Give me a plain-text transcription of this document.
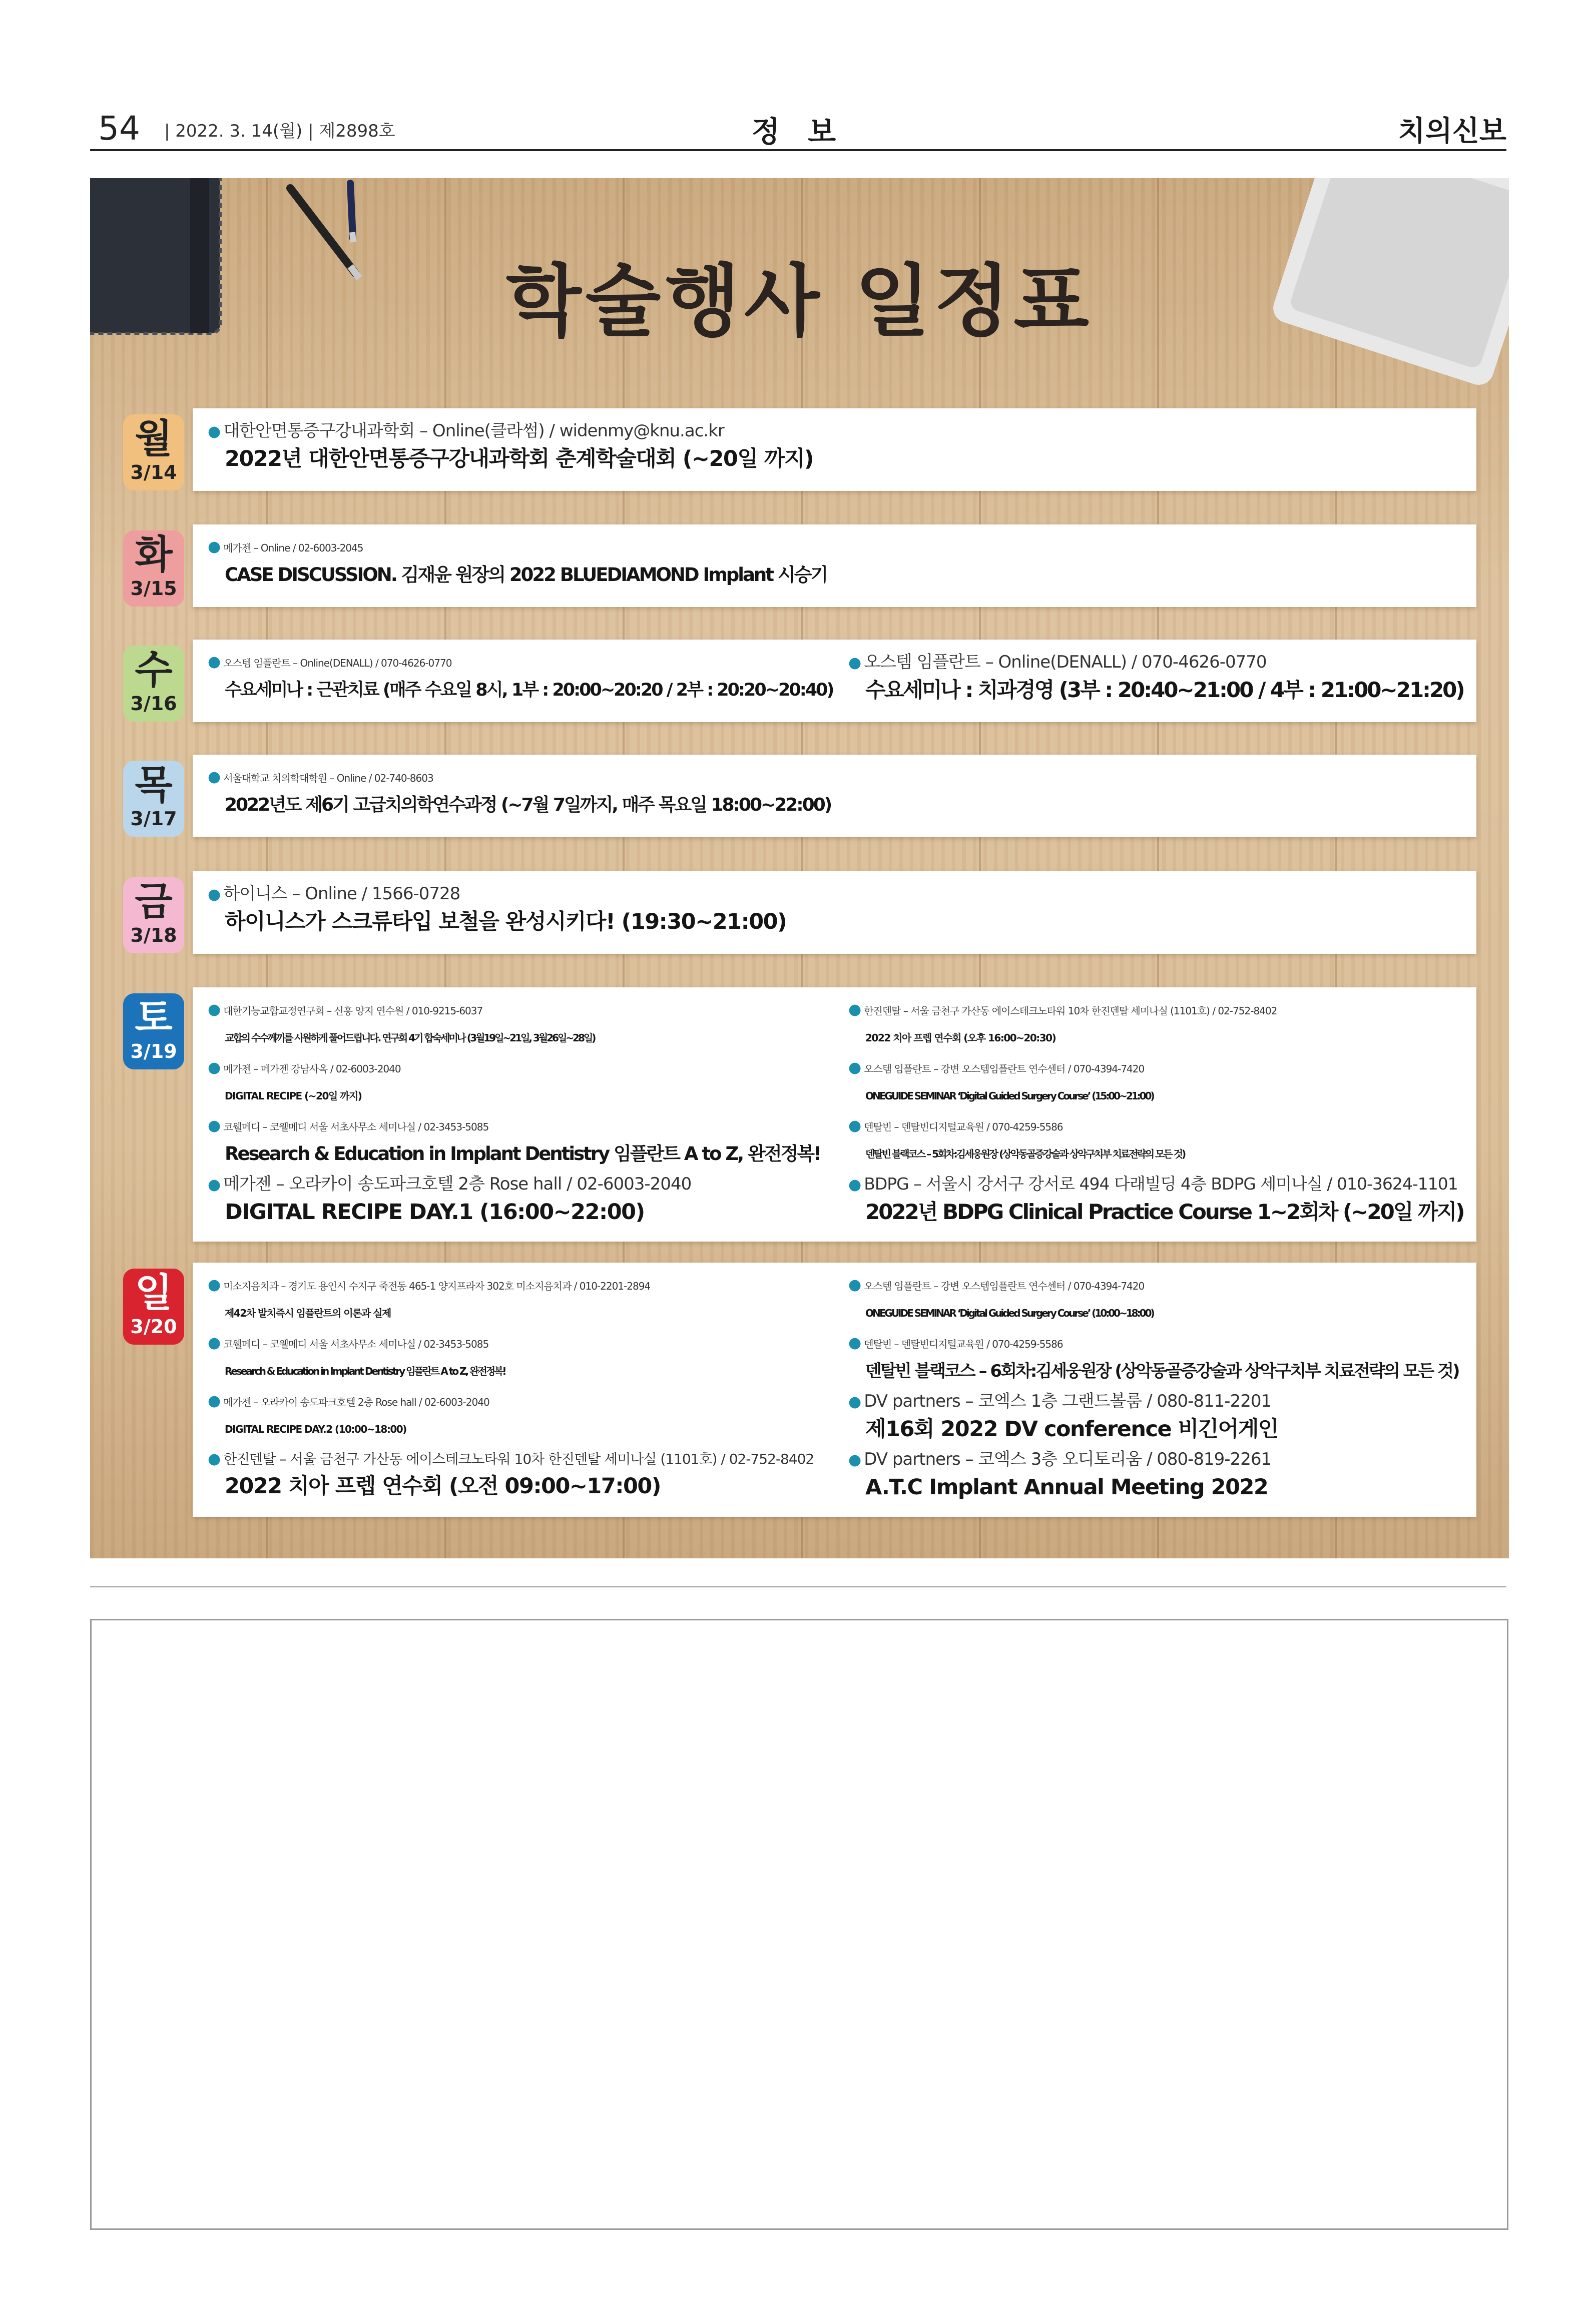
54 | 2022. 3. 14(월) | 제2898호	정 보	치의신보
학술행사 일정표
월
3/14
● 대한안면통증구강내과학회 – Online(클라썸) / widenmy@knu.ac.kr
2022년 대한안면통증구강내과학회 춘계학술대회 (~20일 까지)
화
3/15
● 메가젠 – Online / 02-6003-2045
CASE DISCUSSION. 김재윤 원장의 2022 BLUEDIAMOND Implant 시승기
수
3/16
● 오스템 임플란트 – Online(DENALL) / 070-4626-0770
수요세미나 : 근관치료 (매주 수요일 8시, 1부 : 20:00~20:20 / 2부 : 20:20~20:40)
● 오스템 임플란트 – Online(DENALL) / 070-4626-0770
수요세미나 : 치과경영 (3부 : 20:40~21:00 / 4부 : 21:00~21:20)
목
3/17
● 서울대학교 치의학대학원 – Online / 02-740-8603
2022년도 제6기 고급치의학연수과정 (~7월 7일까지, 매주 목요일 18:00~22:00)
금
3/18
● 하이니스 – Online / 1566-0728
하이니스가 스크류타입 보철을 완성시키다! (19:30~21:00)
토
3/19
● 대한기능교합교정연구회 – 신흥 양지 연수원 / 010-9215-6037
교합의 수수께끼를 시원하게 풀어드립니다. 연구회 4기 합숙세미나 (3월19일~21일, 3월26일~28일)
● 메가젠 – 메가젠 강남사옥 / 02-6003-2040
DIGITAL RECIPE (~20일 까지)
● 코웰메디 – 코웰메디 서울 서초사무소 세미나실 / 02-3453-5085
Research & Education in Implant Dentistry 임플란트 A to Z, 완전정복!
● 메가젠 – 오라카이 송도파크호텔 2층 Rose hall / 02-6003-2040
DIGITAL RECIPE DAY.1 (16:00~22:00)
● 한진덴탈 – 서울 금천구 가산동 에이스테크노타워 10차 한진덴탈 세미나실 (1101호) / 02-752-8402
2022 치아 프렙 연수회 (오후 16:00~20:30)
● 오스템 임플란트 – 강변 오스템임플란트 연수센터 / 070-4394-7420
ONEGUIDE SEMINAR ‘Digital Guided Surgery Course’ (15:00~21:00)
● 덴탈빈 – 덴탈빈디지털교육원 / 070-4259-5586
덴탈빈 블랙코스 – 5회차:김세웅원장 (상악동골증강술과 상악구치부 치료전략의 모든 것)
● BDPG – 서울시 강서구 강서로 494 다래빌딩 4층 BDPG 세미나실 / 010-3624-1101
2022년 BDPG Clinical Practice Course 1~2회차 (~20일 까지)
일
3/20
● 미소지음치과 – 경기도 용인시 수지구 죽전동 465-1 양지프라자 302호 미소지음치과 / 010-2201-2894
제42차 발치즉시 임플란트의 이론과 실제
● 코웰메디 – 코웰메디 서울 서초사무소 세미나실 / 02-3453-5085
Research & Education in Implant Dentistry 임플란트 A to Z, 완전정복!
● 메가젠 – 오라카이 송도파크호텔 2층 Rose hall / 02-6003-2040
DIGITAL RECIPE DAY.2 (10:00~18:00)
● 한진덴탈 – 서울 금천구 가산동 에이스테크노타워 10차 한진덴탈 세미나실 (1101호) / 02-752-8402
2022 치아 프렙 연수회 (오전 09:00~17:00)
● 오스템 임플란트 – 강변 오스템임플란트 연수센터 / 070-4394-7420
ONEGUIDE SEMINAR ‘Digital Guided Surgery Course’ (10:00~18:00)
● 덴탈빈 – 덴탈빈디지털교육원 / 070-4259-5586
덴탈빈 블랙코스 – 6회차:김세웅원장 (상악동골증강술과 상악구치부 치료전략의 모든 것)
● DV partners – 코엑스 1층 그랜드볼룸 / 080-811-2201
제16회 2022 DV conference 비긴어게인
● DV partners – 코엑스 3층 오디토리움 / 080-819-2261
A.T.C Implant Annual Meeting 2022
